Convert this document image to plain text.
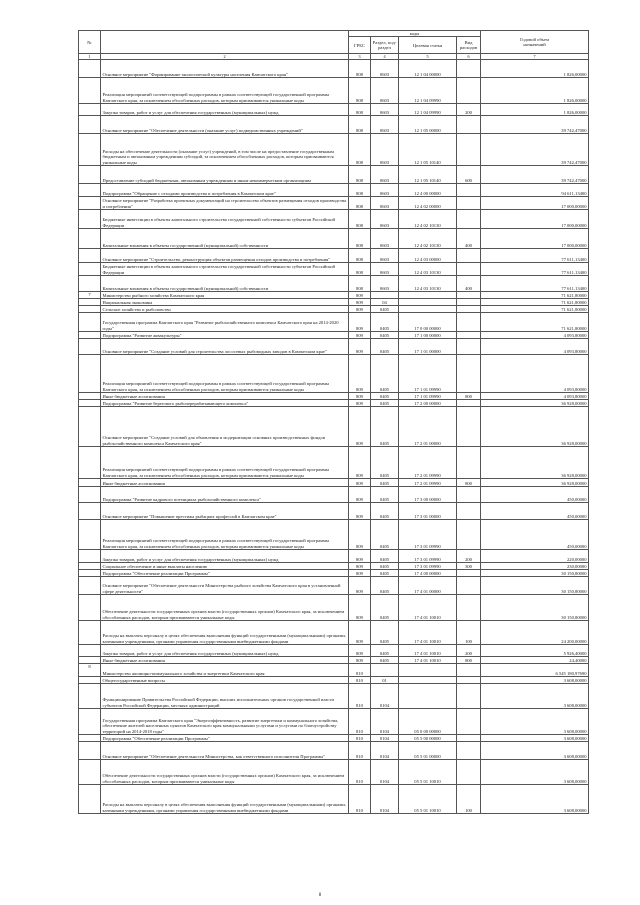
№		коды				Годовой объем
назначений
		ГРБС	Раздел, под-
раздел	Целевая статья	Вид
расходов	
1	2	3	4	5	6	7
	Основное мероприятие "Формирование экологической культуры населения Камчатского края"	808	0603	12 1 04 00000		1 826,00000
	Реализация мероприятий соответствующей подпрограммы в рамках соответствующей государственной программы Камчатского края, за исключением обособленных расходов, которым присваиваются уникальные коды	808	0603	12 1 04 09990		1 826,00000
	Закупка товаров, работ и услуг для обеспечения государственных (муниципальных) нужд	808	0603	12 1 04 09990	200	1 826,00000
	Основное мероприятие "Обеспечение деятельности (оказание услуг) подведомственных учреждений"	808	0603	12 1 05 00000		39 742,47000
	Расходы на обеспечение деятельности (оказание услуг) учреждений, в том числе на предоставление государственным бюджетным и автономным учреждениям субсидий, за исключением обособленных расходов, которым присваиваются уникальные коды	808	0603	12 1 05 10140		39 742,47000
	Предоставление субсидий бюджетным, автономным учреждениям и иным некоммерческим организациям	808	0603	12 1 05 10140	600	39 742,47000
	Подпрограмма "Обращение с отходами производства и потребления в Камчатском крае"	808	0603	12 4 00 00000		94 611,13400
	Основное мероприятие "Разработка проектных документаций на строительство объектов размещения отходов производства и потребления"	808	0603	12 4 02 00000		17 000,00000
	Бюджетные инвестиции в объекты капитального строительства государственной собственности субъектов Российской Федерации	808	0603	12 4 02 10130		17 000,00000
	Капитальные вложения в объекты государственной (муниципальной) собственности	808	0603	12 4 02 10130	400	17 000,00000
	Основное мероприятие "Строительство, реконструкция объектов размещения отходов производства и потребления"	808	0603	12 4 03 00000		77 611,13400
	Бюджетные инвестиции в объекты капитального строительства государственной собственности субъектов Российской Федерации	808	0603	12 4 03 10130		77 611,13400
	Капитальные вложения в объекты государственной (муниципальной) собственности	808	0603	12 4 03 10130	400	77 611,13400
7	Министерство рыбного хозяйства Камчатского края	809				71 621,80000
	Национальная экономика	809	04			71 621,80000
	Сельское хозяйство и рыболовство	809	0405			71 621,80000
	Государственная программа Камчатского края "Развитие рыбохозяйственного комплекса Камчатского края на 2014-2020 годы"	809	0405	17 0 00 00000		71 621,80000
	Подпрограмма "Развитие аквакультуры"	809	0405	17 1 00 00000		4 093,80000
	Основное мероприятие "Создание условий для строительства лососевых рыбоводных заводов в Камчатском крае"	809	0405	17 1 01 00000		4 093,80000
	Реализация мероприятий соответствующей подпрограммы в рамках соответствующей государственной программы Камчатского края, за исключением обособленных расходов, которым присваиваются уникальные коды	809	0405	17 1 01 09990		4 093,80000
	Иные бюджетные ассигнования	809	0405	17 1 01 09990	800	4 093,80000
	Подпрограмма "Развитие берегового рыбоперерабатывающего комплекса"	809	0405	17 2 00 00000		36 928,00000
	Основное мероприятие "Создание условий для обновления и модернизации основных производственных фондов рыбохозяйственного комплекса Камчатского края"	809	0405	17 2 01 00000		36 928,00000
	Реализация мероприятий соответствующей подпрограммы в рамках соответствующей государственной программы Камчатского края, за исключением обособленных расходов, которым присваиваются уникальные коды	809	0405	17 2 01 09990		36 928,00000
	Иные бюджетные ассигнования	809	0405	17 2 01 09990	800	36 928,00000
	Подпрограмма "Развитие кадрового потенциала рыбохозяйственного комплекса"	809	0405	17 3 00 00000		450,00000
	Основное мероприятие "Повышение престижа рыбацких профессий в Камчатском крае"	809	0405	17 3 01 00000		450,00000
	Реализация мероприятий соответствующей подпрограммы в рамках соответствующей государственной программы Камчатского края, за исключением обособленных расходов, которым присваиваются уникальные коды	809	0405	17 3 01 09990		450,00000
	Закупка товаров, работ и услуг для обеспечения государственных (муниципальных) нужд	809	0405	17 3 01 09990	200	220,00000
	Социальное обеспечение и иные выплаты населению	809	0405	17 3 01 09990	300	230,00000
	Подпрограмма "Обеспечение реализации Программы"	809	0405	17 4 00 00000		30 150,80000
	Основное мероприятие "Обеспечение деятельности Министерства рыбного хозяйства Камчатского края в установленной сфере деятельности"	809	0405	17 4 01 00000		30 150,80000
	Обеспечение деятельности государственных органов власти (государственных органов) Камчатского края, за исключением обособленных расходов, которым присваиваются уникальные коды	809	0405	17 4 01 10010		30 150,80000
	Расходы на выплаты персоналу в целях обеспечения выполнения функций государственными (муниципальными) органами, казенными учреждениями, органами управления государственными внебюджетными фондами	809	0405	17 4 01 10010	100	24 200,00000
	Закупка товаров, работ и услуг для обеспечения государственных (муниципальных) нужд	809	0405	17 4 01 10010	200	5 926,40000
	Иные бюджетные ассигнования	809	0405	17 4 01 10010	800	24,40000
8	Министерство жилищно-коммунального хозяйства и энергетики Камчатского края	810				6 545 180,97690
	Общегосударственные вопросы	810	01			3 608,00000
	Функционирование Правительства Российской Федерации, высших исполнительных органов государственной власти субъектов Российской Федерации, местных администраций	810	0104			3 608,00000
	Государственная программа Камчатского края "Энергоэффективность, развитие энергетики и коммунального хозяйства, обеспечение жителей населенных пунктов Камчатского края коммунальными услугами и услугами по благоустройству территорий на 2014-2018 годы"	810	0104	05 0 00 00000		3 608,00000
	Подпрограмма "Обеспечение реализации Программы"	810	0104	05 5 00 00000		3 608,00000
	Основное мероприятие "Обеспечение деятельности Министерства, как ответственного исполнителя Программы"	810	0104	05 5 01 00000		3 608,00000
	Обеспечение деятельности государственных органов власти (государственных органов) Камчатского края, за исключением обособленных расходов, которым присваиваются уникальные коды	810	0104	05 5 01 10010		3 608,00000
	Расходы на выплаты персоналу в целях обеспечения выполнения функций государственными (муниципальными) органами, казенными учреждениями, органами управления государственными внебюджетными фондами	810	0104	05 5 01 10010	100	3 608,00000
8
